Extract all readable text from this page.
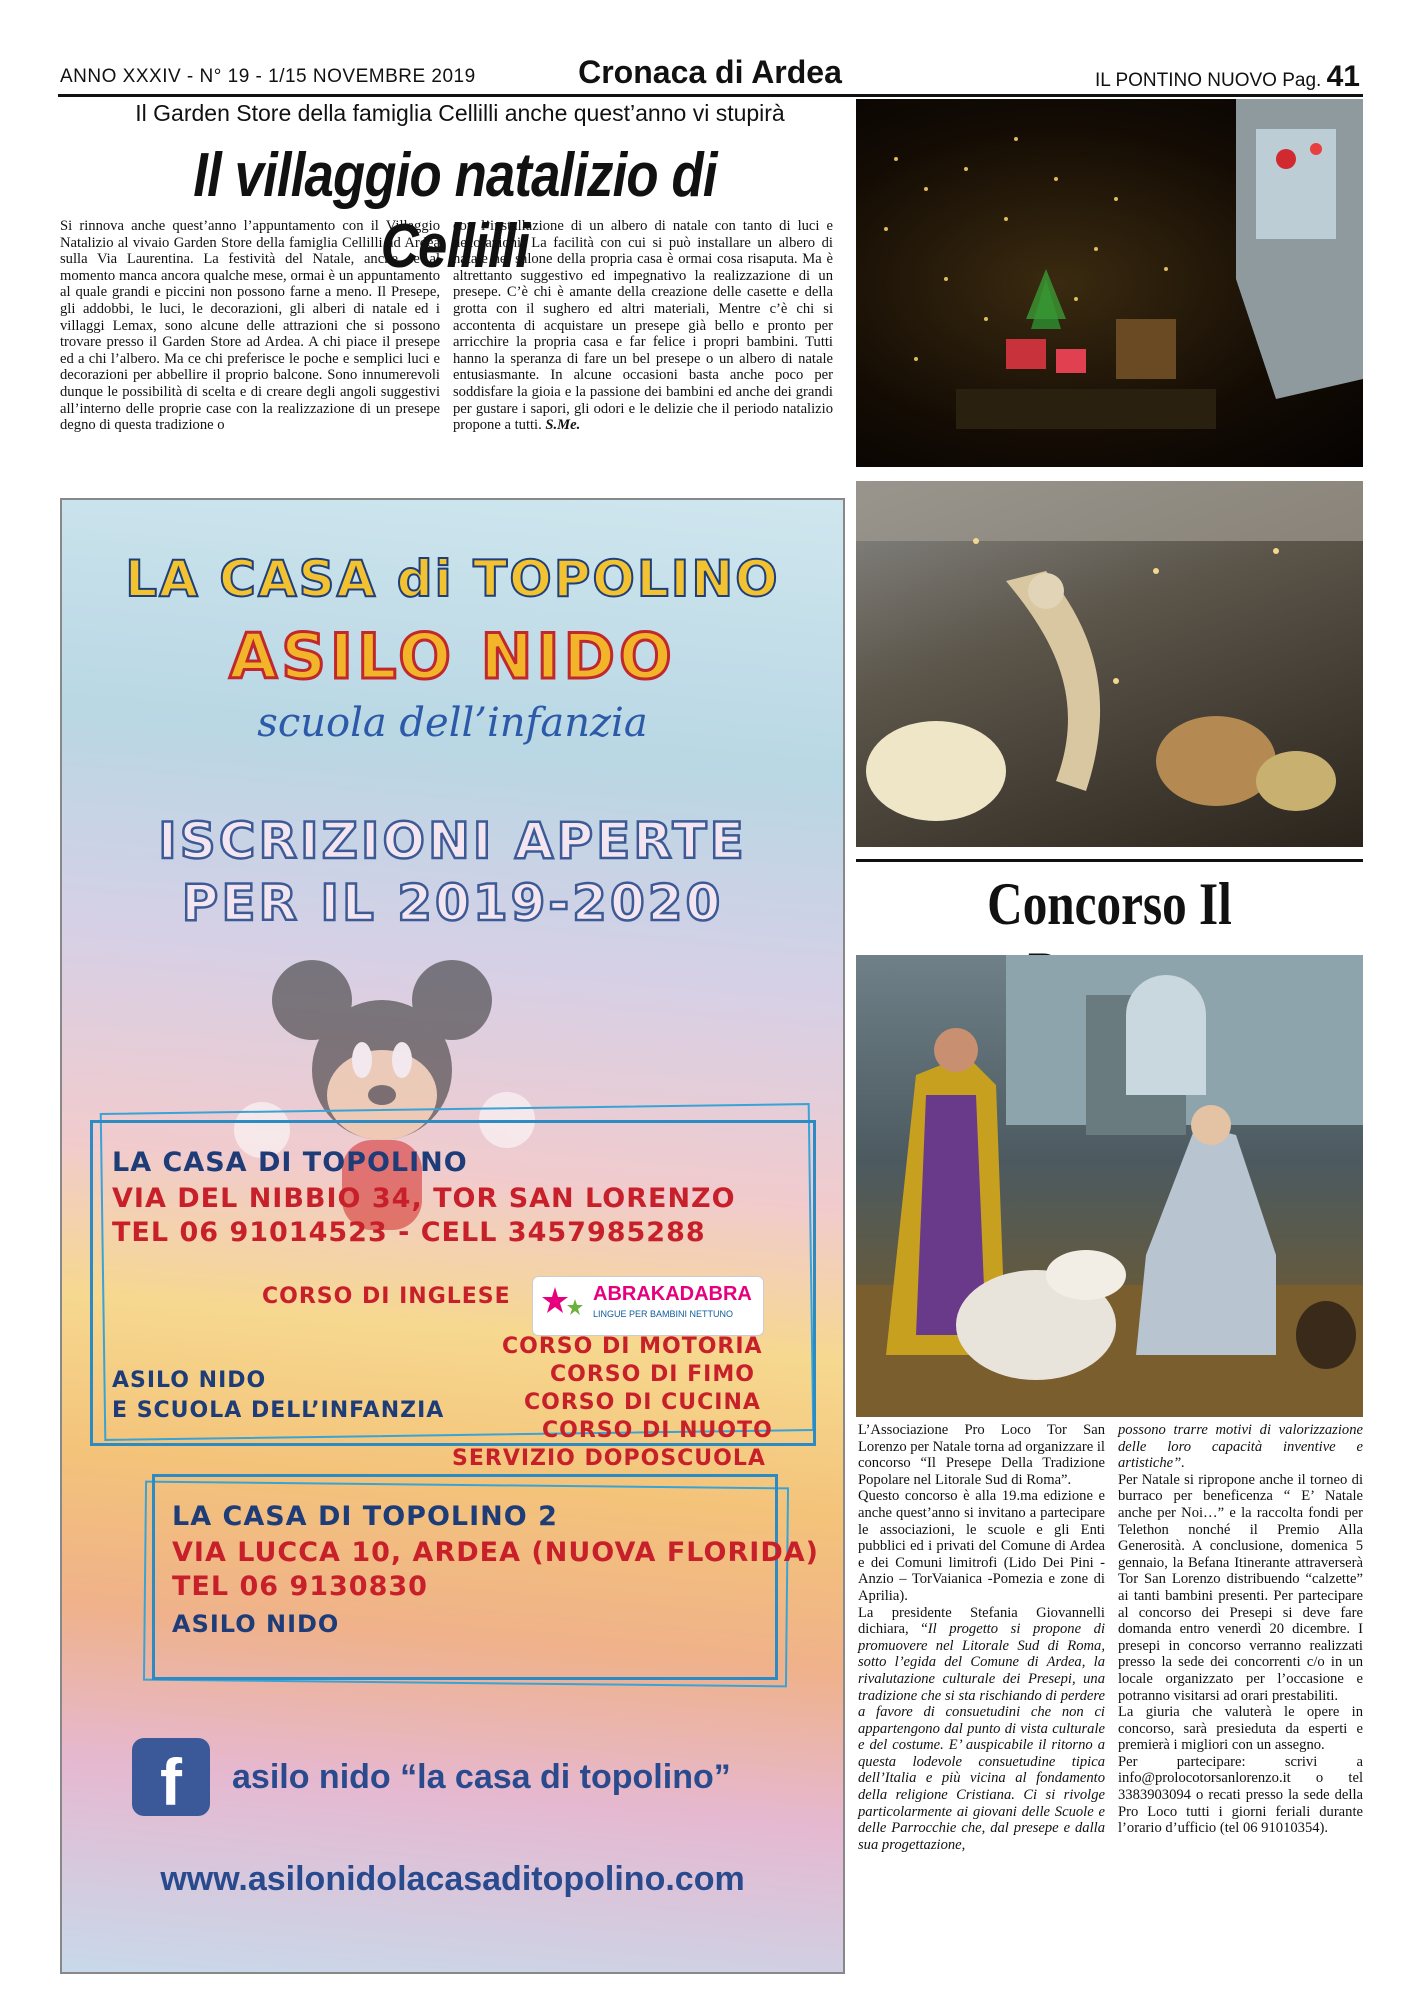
ANNO XXXIV - N° 19 - 1/15 NOVEMBRE 2019	Cronaca di Ardea	IL PONTINO NUOVO Pag. 41
Il Garden Store della famiglia Cellilli anche quest’anno vi stupirà
Il villaggio natalizio di Cellilli
Si rinnova anche quest’anno l’appuntamento con il Villaggio Natalizio al vivaio Garden Store della famiglia Cellilli ad Ardea sulla Via Laurentina. La festività del Natale, anche se al momento manca ancora qualche mese, ormai è un appuntamento al quale grandi e piccini non possono farne a meno. Il Presepe, gli addobbi, le luci, le decorazioni, gli alberi di natale ed i villaggi Lemax, sono alcune delle attrazioni che si possono trovare presso il Garden Store ad Ardea. A chi piace il presepe ed a chi l’albero. Ma ce chi preferisce le poche e semplici luci e decorazioni per abbellire il proprio balcone. Sono innumerevoli dunque le possibilità di scelta e di creare degli angoli suggestivi all’interno delle proprie case con la realizzazione di un presepe degno di questa tradizione o
con l’installazione di un albero di natale con tanto di luci e decorazioni. La facilità con cui si può installare un albero di natale nel salone della propria casa è ormai cosa risaputa. Ma è altrettanto suggestivo ed impegnativo la realizzazione di un presepe. C’è chi è amante della creazione delle casette e della grotta con il sughero ed altri materiali, Mentre c’è chi si accontenta di acquistare un presepe già bello e pronto per arricchire la propria casa e far felice i propri bambini. Tutti hanno la speranza di fare un bel presepe o un albero di natale entusiasmante. In alcune occasioni basta anche poco per soddisfare la gioia e la passione dei bambini ed anche dei grandi per gustare i sapori, gli odori e le delizie che il periodo natalizio propone a tutti. S.Me.
Concorso Il
L’Associazione Pro Loco Tor San Lorenzo per Natale torna ad organizzare il concorso “Il Presepe Della Tradizione Popolare nel Litorale Sud di Roma”.
Questo concorso è alla 19.ma edizione e anche quest’anno si invitano a partecipare le associazioni, le scuole e gli Enti pubblici ed i privati del Comune di Ardea e dei Comuni limitrofi (Lido Dei Pini - Anzio – TorVaianica -Pomezia e zone di Aprilia).
La presidente Stefania Giovannelli dichiara, “Il progetto si propone di promuovere nel Litorale Sud di Roma, sotto l’egida del Comune di Ardea, la rivalutazione culturale dei Presepi, una tradizione che si sta rischiando di perdere a favore di consuetudini che non ci appartengono dal punto di vista culturale e del costume. E’ auspicabile il ritorno a questa lodevole consuetudine tipica dell’Italia e più vicina al fondamento della religione Cristiana. Ci si rivolge particolarmente ai giovani delle Scuole e delle Parrocchie che, dal presepe e dalla sua progettazione,
possono trarre motivi di valorizzazione delle loro capacità inventive e artistiche”.
Per Natale si ripropone anche il torneo di burraco per beneficenza “ E’ Natale anche per Noi…” e la raccolta fondi per Telethon nonché il Premio Alla Generosità. A conclusione, domenica 5 gennaio, la Befana Itinerante attraverserà Tor San Lorenzo distribuendo “calzette” ai tanti bambini presenti. Per partecipare al concorso dei Presepi si deve fare domanda entro venerdì 20 dicembre. I presepi in concorso verranno realizzati presso la sede dei concorrenti c/o in un locale organizzato per l’occasione e potranno visitarsi ad orari prestabiliti.
La giuria che valuterà le opere in concorso, sarà presieduta da esperti e premierà i migliori con un assegno.
Per partecipare: scrivi a info@prolocotorsanlorenzo.it o tel 3383903094 o recati presso la sede della Pro Loco tutti i giorni feriali durante l’orario d’ufficio (tel 06 91010354).
LA CASA di TOPOLINO
ASILO NIDO
scuola dell’infanzia
ISCRIZIONI APERTE
PER IL 2019-2020
LA CASA DI TOPOLINO
VIA DEL NIBBIO 34, TOR SAN LORENZO
TEL 06 91014523 - CELL 3457985288
CORSO DI INGLESE	ABRAKADABRA
LINGUE PER BAMBINI NETTUNO
CORSO DI MOTORIA
CORSO DI FIMO
CORSO DI CUCINA
CORSO DI NUOTO
SERVIZIO DOPOSCUOLA
ASILO NIDO
E SCUOLA DELL’INFANZIA
LA CASA DI TOPOLINO 2
VIA LUCCA 10, ARDEA (NUOVA FLORIDA)
TEL 06 9130830
ASILO NIDO
f	asilo nido “la casa di topolino”
www.asilonidolacasaditopolino.com
